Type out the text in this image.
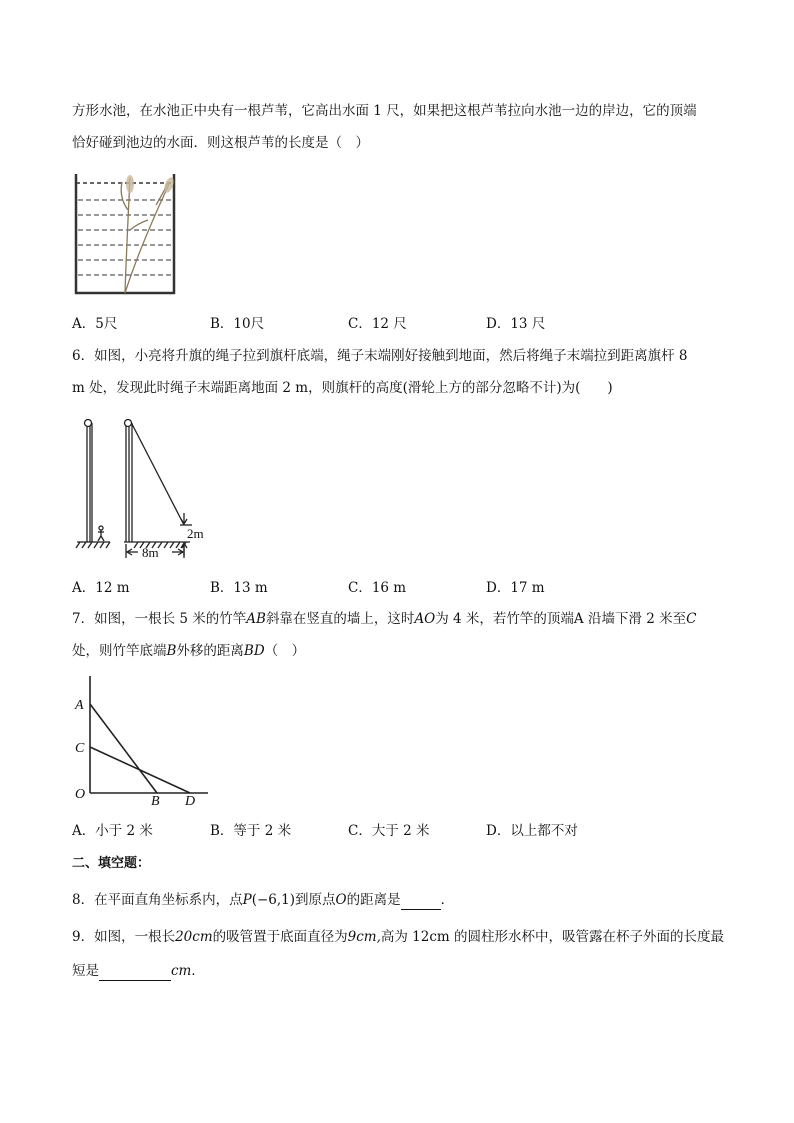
方形水池，在水池正中央有一根芦苇，它高出水面 1 尺，如果把这根芦苇拉向水池一边的岸边，它的顶端
恰好碰到池边的水面．则这根芦苇的长度是（　）
A．5尺	B．10尺	C．12 尺	D．13 尺
6．如图，小亮将升旗的绳子拉到旗杆底端，绳子末端刚好接触到地面，然后将绳子末端拉到距离旗杆 8
m 处，发现此时绳子末端距离地面 2 m，则旗杆的高度(滑轮上方的部分忽略不计)为(　　)
2m
8m
A．12 m	B．13 m	C．16 m	D．17 m
7．如图，一根长 5 米的竹竿AB斜靠在竖直的墙上，这时AO为 4 米，若竹竿的顶端A 沿墙下滑 2 米至C
处，则竹竿底端B外移的距离BD（　）
A
C
O	B D
A．小于 2 米	B．等于 2 米	C．大于 2 米	D．以上都不对
二、填空题：
8．在平面直角坐标系内，点P(−6,1)到原点O的距离是	．
9．如图，一根长20cm的吸管置于底面直径为9cm,高为 12cm 的圆柱形水杯中，吸管露在杯子外面的长度最
短是	cm．
